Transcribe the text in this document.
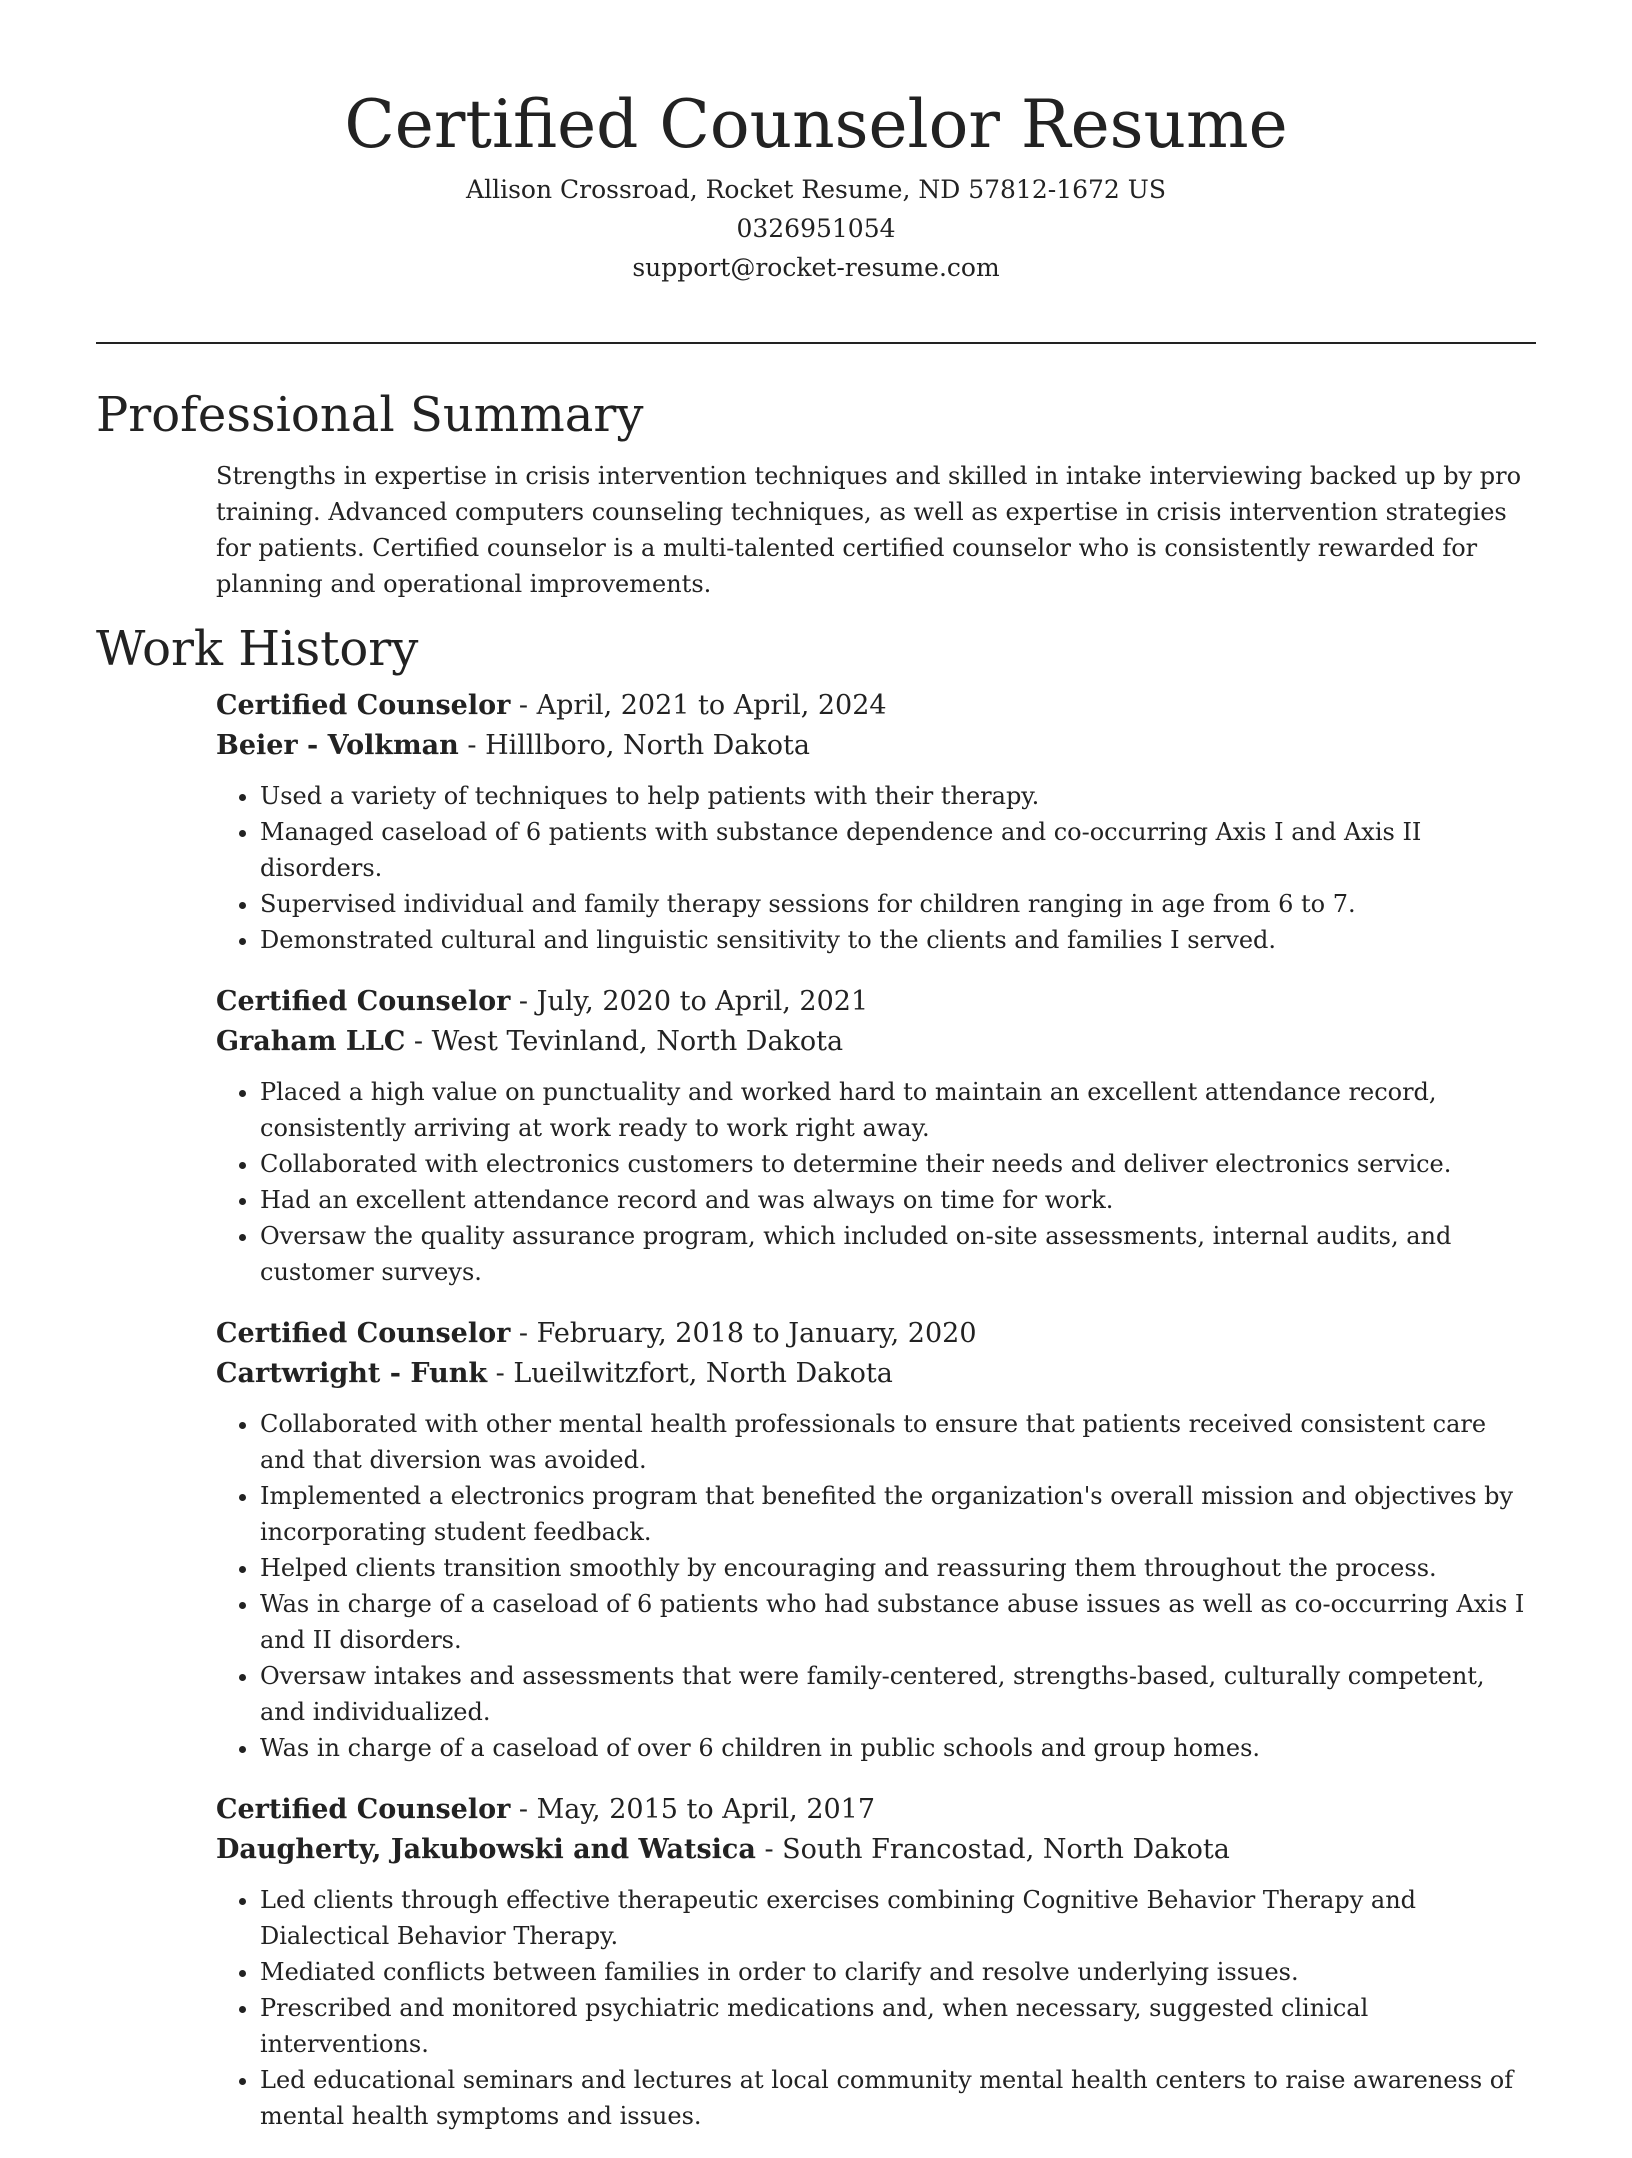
Certified Counselor Resume

Allison Crossroad, Rocket Resume, ND 57812-1672 US

0326951054

support@rocket-resume.com

Professional Summary

Strengths in expertise in crisis intervention techniques and skilled in intake interviewing backed up by pro training. Advanced computers counseling techniques, as well as expertise in crisis intervention strategies for patients. Certified counselor is a multi-talented certified counselor who is consistently rewarded for planning and operational improvements.

Work History

Certified Counselor - April, 2021 to April, 2024

Beier - Volkman - Hilllboro, North Dakota

• Used a variety of techniques to help patients with their therapy.
• Managed caseload of 6 patients with substance dependence and co-occurring Axis I and Axis II disorders.
• Supervised individual and family therapy sessions for children ranging in age from 6 to 7.
• Demonstrated cultural and linguistic sensitivity to the clients and families I served.

Certified Counselor - July, 2020 to April, 2021

Graham LLC - West Tevinland, North Dakota

• Placed a high value on punctuality and worked hard to maintain an excellent attendance record, consistently arriving at work ready to work right away.
• Collaborated with electronics customers to determine their needs and deliver electronics service.
• Had an excellent attendance record and was always on time for work.
• Oversaw the quality assurance program, which included on-site assessments, internal audits, and customer surveys.

Certified Counselor - February, 2018 to January, 2020

Cartwright - Funk - Lueilwitzfort, North Dakota

• Collaborated with other mental health professionals to ensure that patients received consistent care and that diversion was avoided.
• Implemented a electronics program that benefited the organization's overall mission and objectives by incorporating student feedback.
• Helped clients transition smoothly by encouraging and reassuring them throughout the process.
• Was in charge of a caseload of 6 patients who had substance abuse issues as well as co-occurring Axis I and II disorders.
• Oversaw intakes and assessments that were family-centered, strengths-based, culturally competent, and individualized.
• Was in charge of a caseload of over 6 children in public schools and group homes.

Certified Counselor - May, 2015 to April, 2017

Daugherty, Jakubowski and Watsica - South Francostad, North Dakota

• Led clients through effective therapeutic exercises combining Cognitive Behavior Therapy and Dialectical Behavior Therapy.
• Mediated conflicts between families in order to clarify and resolve underlying issues.
• Prescribed and monitored psychiatric medications and, when necessary, suggested clinical interventions.
• Led educational seminars and lectures at local community mental health centers to raise awareness of mental health symptoms and issues.
